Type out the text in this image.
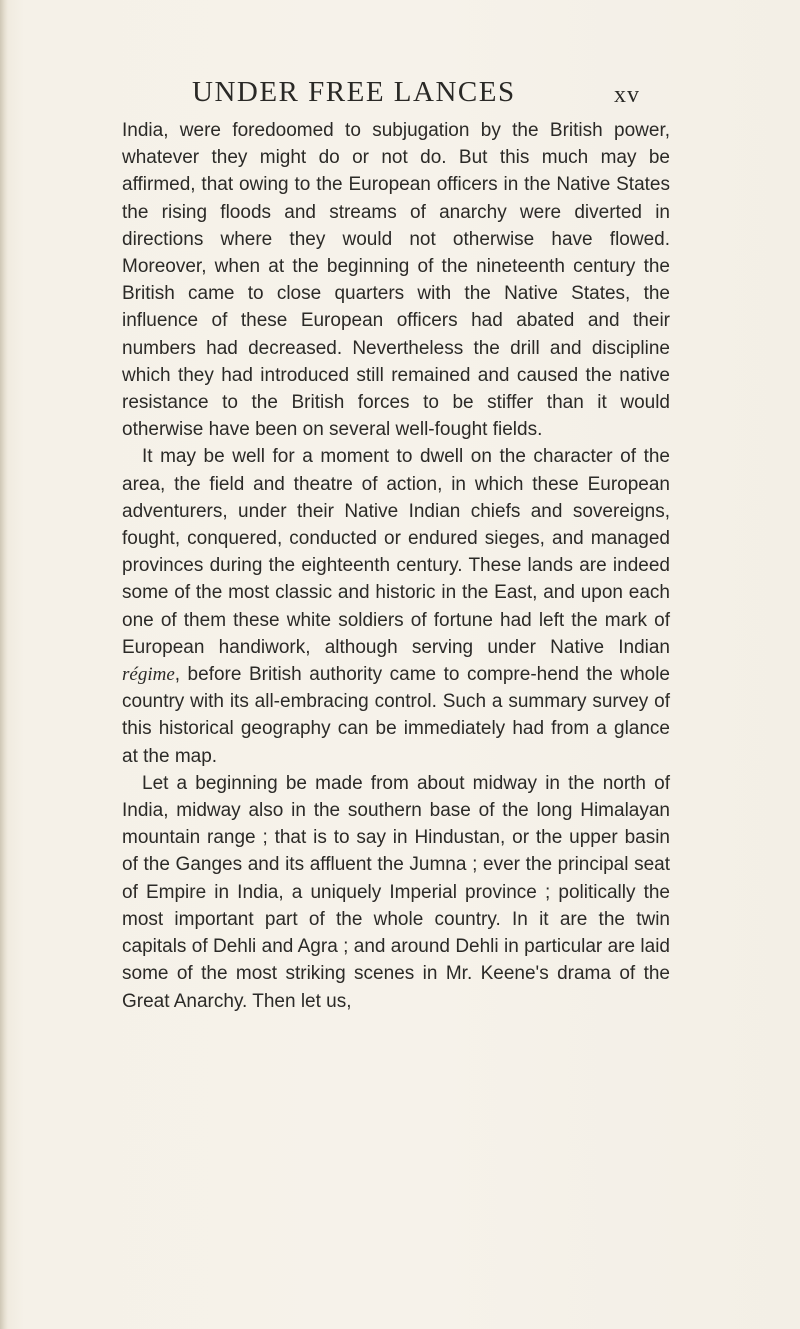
UNDER FREE LANCES	xv

India, were foredoomed to subjugation by the British power, whatever they might do or not do. But this much may be affirmed, that owing to the European officers in the Native States the rising floods and streams of anarchy were diverted in directions where they would not otherwise have flowed. Moreover, when at the beginning of the nineteenth century the British came to close quarters with the Native States, the influence of these European officers had abated and their numbers had decreased. Nevertheless the drill and discipline which they had introduced still remained and caused the native resistance to the British forces to be stiffer than it would otherwise have been on several well-fought fields.

It may be well for a moment to dwell on the character of the area, the field and theatre of action, in which these European adventurers, under their Native Indian chiefs and sovereigns, fought, conquered, conducted or endured sieges, and managed provinces during the eighteenth century. These lands are indeed some of the most classic and historic in the East, and upon each one of them these white soldiers of fortune had left the mark of European handiwork, although serving under Native Indian régime, before British authority came to compre-hend the whole country with its all-embracing control. Such a summary survey of this historical geography can be immediately had from a glance at the map.

Let a beginning be made from about midway in the north of India, midway also in the southern base of the long Himalayan mountain range ; that is to say in Hindustan, or the upper basin of the Ganges and its affluent the Jumna ; ever the principal seat of Empire in India, a uniquely Imperial province ; politically the most important part of the whole country. In it are the twin capitals of Dehli and Agra ; and around Dehli in particular are laid some of the most striking scenes in Mr. Keene's drama of the Great Anarchy. Then let us,
